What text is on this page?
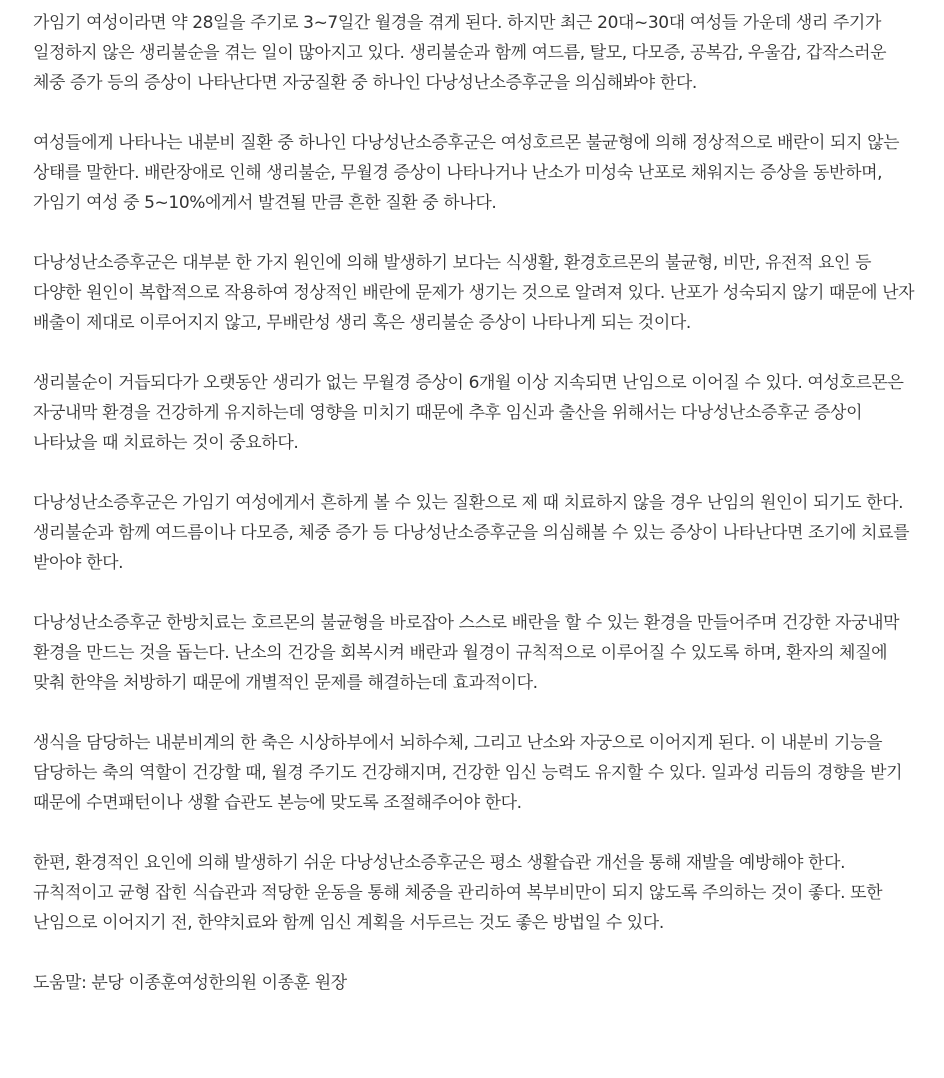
가임기 여성이라면 약 28일을 주기로 3~7일간 월경을 겪게 된다. 하지만 최근 20대~30대 여성들 가운데 생리 주기가 일정하지 않은 생리불순을 겪는 일이 많아지고 있다. 생리불순과 함께 여드름, 탈모, 다모증, 공복감, 우울감, 갑작스러운 체중 증가 등의 증상이 나타난다면 자궁질환 중 하나인 다낭성난소증후군을 의심해봐야 한다.

여성들에게 나타나는 내분비 질환 중 하나인 다낭성난소증후군은 여성호르몬 불균형에 의해 정상적으로 배란이 되지 않는 상태를 말한다. 배란장애로 인해 생리불순, 무월경 증상이 나타나거나 난소가 미성숙 난포로 채워지는 증상을 동반하며, 가임기 여성 중 5~10%에게서 발견될 만큼 흔한 질환 중 하나다.

다낭성난소증후군은 대부분 한 가지 원인에 의해 발생하기 보다는 식생활, 환경호르몬의 불균형, 비만, 유전적 요인 등 다양한 원인이 복합적으로 작용하여 정상적인 배란에 문제가 생기는 것으로 알려져 있다. 난포가 성숙되지 않기 때문에 난자 배출이 제대로 이루어지지 않고, 무배란성 생리 혹은 생리불순 증상이 나타나게 되는 것이다.

생리불순이 거듭되다가 오랫동안 생리가 없는 무월경 증상이 6개월 이상 지속되면 난임으로 이어질 수 있다. 여성호르몬은 자궁내막 환경을 건강하게 유지하는데 영향을 미치기 때문에 추후 임신과 출산을 위해서는 다낭성난소증후군 증상이 나타났을 때 치료하는 것이 중요하다.

다낭성난소증후군은 가임기 여성에게서 흔하게 볼 수 있는 질환으로 제 때 치료하지 않을 경우 난임의 원인이 되기도 한다. 생리불순과 함께 여드름이나 다모증, 체중 증가 등 다낭성난소증후군을 의심해볼 수 있는 증상이 나타난다면 조기에 치료를 받아야 한다.

다낭성난소증후군 한방치료는 호르몬의 불균형을 바로잡아 스스로 배란을 할 수 있는 환경을 만들어주며 건강한 자궁내막 환경을 만드는 것을 돕는다. 난소의 건강을 회복시켜 배란과 월경이 규칙적으로 이루어질 수 있도록 하며, 환자의 체질에 맞춰 한약을 처방하기 때문에 개별적인 문제를 해결하는데 효과적이다.

생식을 담당하는 내분비계의 한 축은 시상하부에서 뇌하수체, 그리고 난소와 자궁으로 이어지게 된다. 이 내분비 기능을 담당하는 축의 역할이 건강할 때, 월경 주기도 건강해지며, 건강한 임신 능력도 유지할 수 있다. 일과성 리듬의 경향을 받기 때문에 수면패턴이나 생활 습관도 본능에 맞도록 조절해주어야 한다.

한편, 환경적인 요인에 의해 발생하기 쉬운 다낭성난소증후군은 평소 생활습관 개선을 통해 재발을 예방해야 한다. 규칙적이고 균형 잡힌 식습관과 적당한 운동을 통해 체중을 관리하여 복부비만이 되지 않도록 주의하는 것이 좋다. 또한 난임으로 이어지기 전, 한약치료와 함께 임신 계획을 서두르는 것도 좋은 방법일 수 있다.

도움말: 분당 이종훈여성한의원 이종훈 원장
